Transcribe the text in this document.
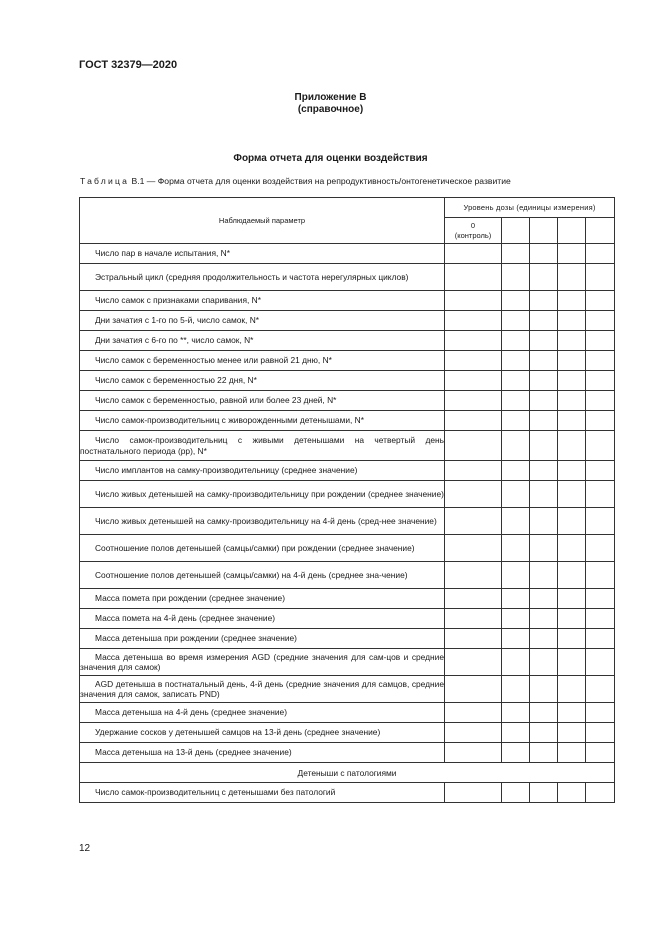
ГОСТ 32379—2020
Приложение В
(справочное)
Форма отчета для оценки воздействия
Таблица В.1 — Форма отчета для оценки воздействия на репродуктивность/онтогенетическое развитие
Наблюдаемый параметр	Уровень дозы (единицы измерения)				
	0
(контроль)				
Число пар в начале испытания, N*					
Эстральный цикл (средняя продолжительность и частота нерегулярных циклов)					
Число самок с признаками спаривания, N*					
Дни зачатия с 1-го по 5-й, число самок, N*					
Дни зачатия с 6-го по **, число самок, N*					
Число самок с беременностью менее или равной 21 дню, N*					
Число самок с беременностью 22 дня, N*					
Число самок с беременностью, равной или более 23 дней, N*					
Число самок-производительниц с живорожденными детенышами, N*					
Число самок-производительниц с живыми детенышами на четвертый день постнатального периода (pp), N*					
Число имплантов на самку-производительницу (среднее значение)					
Число живых детенышей на самку-производительницу при рождении (среднее значение)					
Число живых детенышей на самку-производительницу на 4-й день (сред-нее значение)					
Соотношение полов детенышей (самцы/самки) при рождении (среднее значение)					
Соотношение полов детенышей (самцы/самки) на 4-й день (среднее зна-чение)					
Масса помета при рождении (среднее значение)					
Масса помета на 4-й день (среднее значение)					
Масса детеныша при рождении (среднее значение)					
Масса детеныша во время измерения AGD (средние значения для сам-цов и средние значения для самок)					
AGD детеныша в постнатальный день, 4-й день (средние значения для самцов, средние значения для самок, записать PND)					
Масса детеныша на 4-й день (среднее значение)					
Удержание сосков у детенышей самцов на 13-й день (среднее значение)					
Масса детеныша на 13-й день (среднее значение)					
Детеныши с патологиями					
Число самок-производительниц с детенышами без патологий					
12
